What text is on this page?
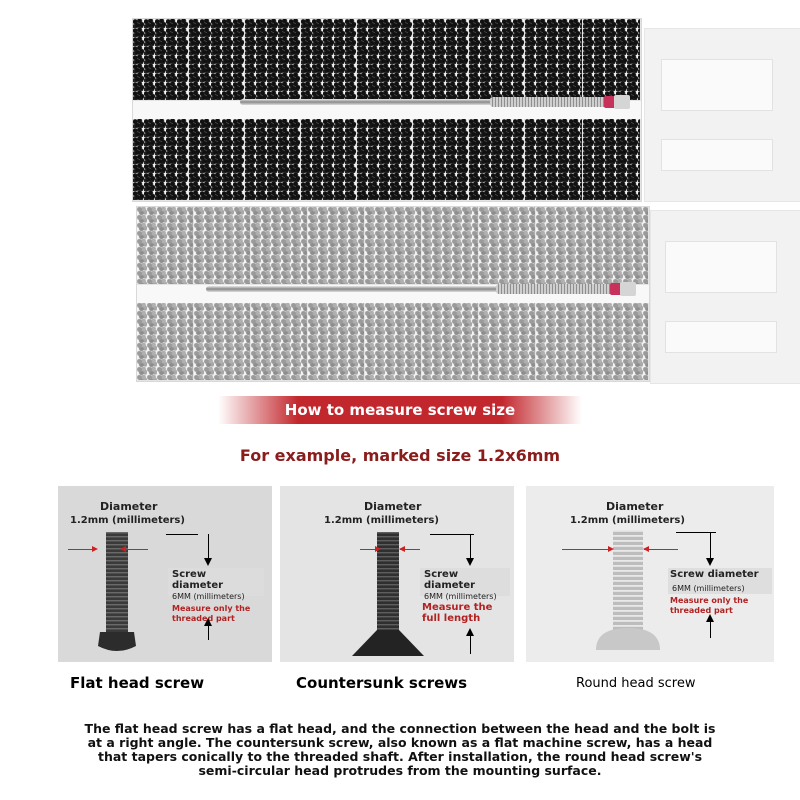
How to measure screw size
For example, marked size 1.2x6mm
Diameter
1.2mm (millimeters)
Screw diameter
6MM (millimeters)
Measure only the threaded part
Flat head screw
Diameter
1.2mm (millimeters)
Screw diameter
6MM (millimeters)
Measure the full length
Countersunk screws
Diameter
1.2mm (millimeters)
Screw diameter
6MM (millimeters)
Measure only the threaded part
Round head screw
The flat head screw has a flat head, and the connection between the head and the bolt is
at a right angle. The countersunk screw, also known as a flat machine screw, has a head
that tapers conically to the threaded shaft. After installation, the round head screw's
semi-circular head protrudes from the mounting surface.
